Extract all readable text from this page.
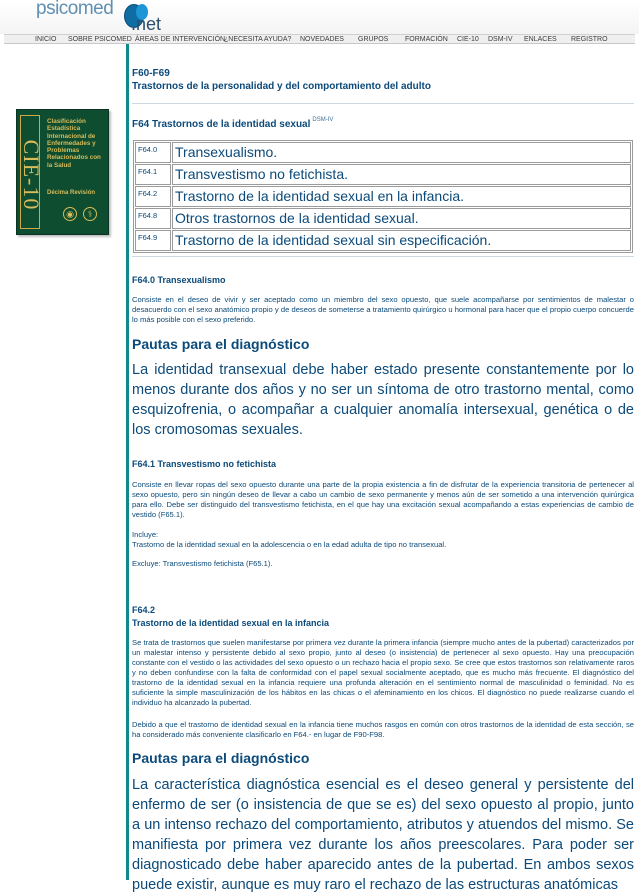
psicomed
.net
INICIO SOBRE PSICOMED ÁREAS DE INTERVENCIÓN
¿NECESITA AYUDA? NOVEDADES GRUPOS FORMACIÓN CIE-10 DSM-IV ENLACES REGISTRO
CIE-10
Clasificación Estadística Internacional de Enfermedades y Problemas Relacionados con la Salud
Décima Revisión
◉	⚕
F60-F69
Trastornos de la personalidad y del comportamiento del adulto
F64 Trastornos de la identidad sexual $^{DSM-IV}$
F64.0	Transexualismo.
F64.1	Transvestismo no fetichista.
F64.2	Trastorno de la identidad sexual en la infancia.
F64.8	Otros trastornos de la identidad sexual.
F64.9	Trastorno de la identidad sexual sin especificación.
F64.0 Transexualismo
Consiste en el deseo de vivir y ser aceptado como un miembro del sexo opuesto, que suele acompañarse por sentimientos de malestar o desacuerdo con el sexo anatómico propio y de deseos de someterse a tratamiento quirúrgico u hormonal para hacer que el propio cuerpo concuerde lo más posible con el sexo preferido.
Pautas para el diagnóstico
La identidad transexual debe haber estado presente constantemente por lo menos durante dos años y no ser un síntoma de otro trastorno mental, como esquizofrenia, o acompañar a cualquier anomalía intersexual, genética o de los cromosomas sexuales.
F64.1 Transvestismo no fetichista
Consiste en llevar ropas del sexo opuesto durante una parte de la propia existencia a fin de disfrutar de la experiencia transitoria de pertenecer al sexo opuesto, pero sin ningún deseo de llevar a cabo un cambio de sexo permanente y menos aún de ser sometido a una intervención quirúrgica para ello. Debe ser distinguido del transvestismo fetichista, en el que hay una excitación sexual acompañando a estas experiencias de cambio de vestido (F65.1).
Incluye:
Trastorno de la identidad sexual en la adolescencia o en la edad adulta de tipo no transexual.
Excluye: Transvestismo fetichista (F65.1).
F64.2
Trastorno de la identidad sexual en la infancia
Se trata de trastornos que suelen manifestarse por primera vez durante la primera infancia (siempre mucho antes de la pubertad) caracterizados por un malestar intenso y persistente debido al sexo propio, junto al deseo (o insistencia) de pertenecer al sexo opuesto. Hay una preocupación constante con el vestido o las actividades del sexo opuesto o un rechazo hacia el propio sexo. Se cree que estos trastornos son relativamente raros y no deben confundirse con la falta de conformidad con el papel sexual socialmente aceptado, que es mucho más frecuente. El diagnóstico del trastorno de la identidad sexual en la infancia requiere una profunda alteración en el sentimiento normal de masculinidad o feminidad. No es suficiente la simple masculinización de los hábitos en las chicas o el afeminamiento en los chicos. El diagnóstico no puede realizarse cuando el individuo ha alcanzado la pubertad.
Debido a que el trastorno de identidad sexual en la infancia tiene muchos rasgos en común con otros trastornos de la identidad de esta sección, se ha considerado más conveniente clasificarlo en F64.- en lugar de F90-F98.
Pautas para el diagnóstico
La característica diagnóstica esencial es el deseo general y persistente del enfermo de ser (o insistencia de que se es) del sexo opuesto al propio, junto a un intenso rechazo del comportamiento, atributos y atuendos del mismo. Se manifiesta por primera vez durante los años preescolares. Para poder ser diagnosticado debe haber aparecido antes de la pubertad. En ambos sexos puede existir, aunque es muy raro el rechazo de las estructuras anatómicas
